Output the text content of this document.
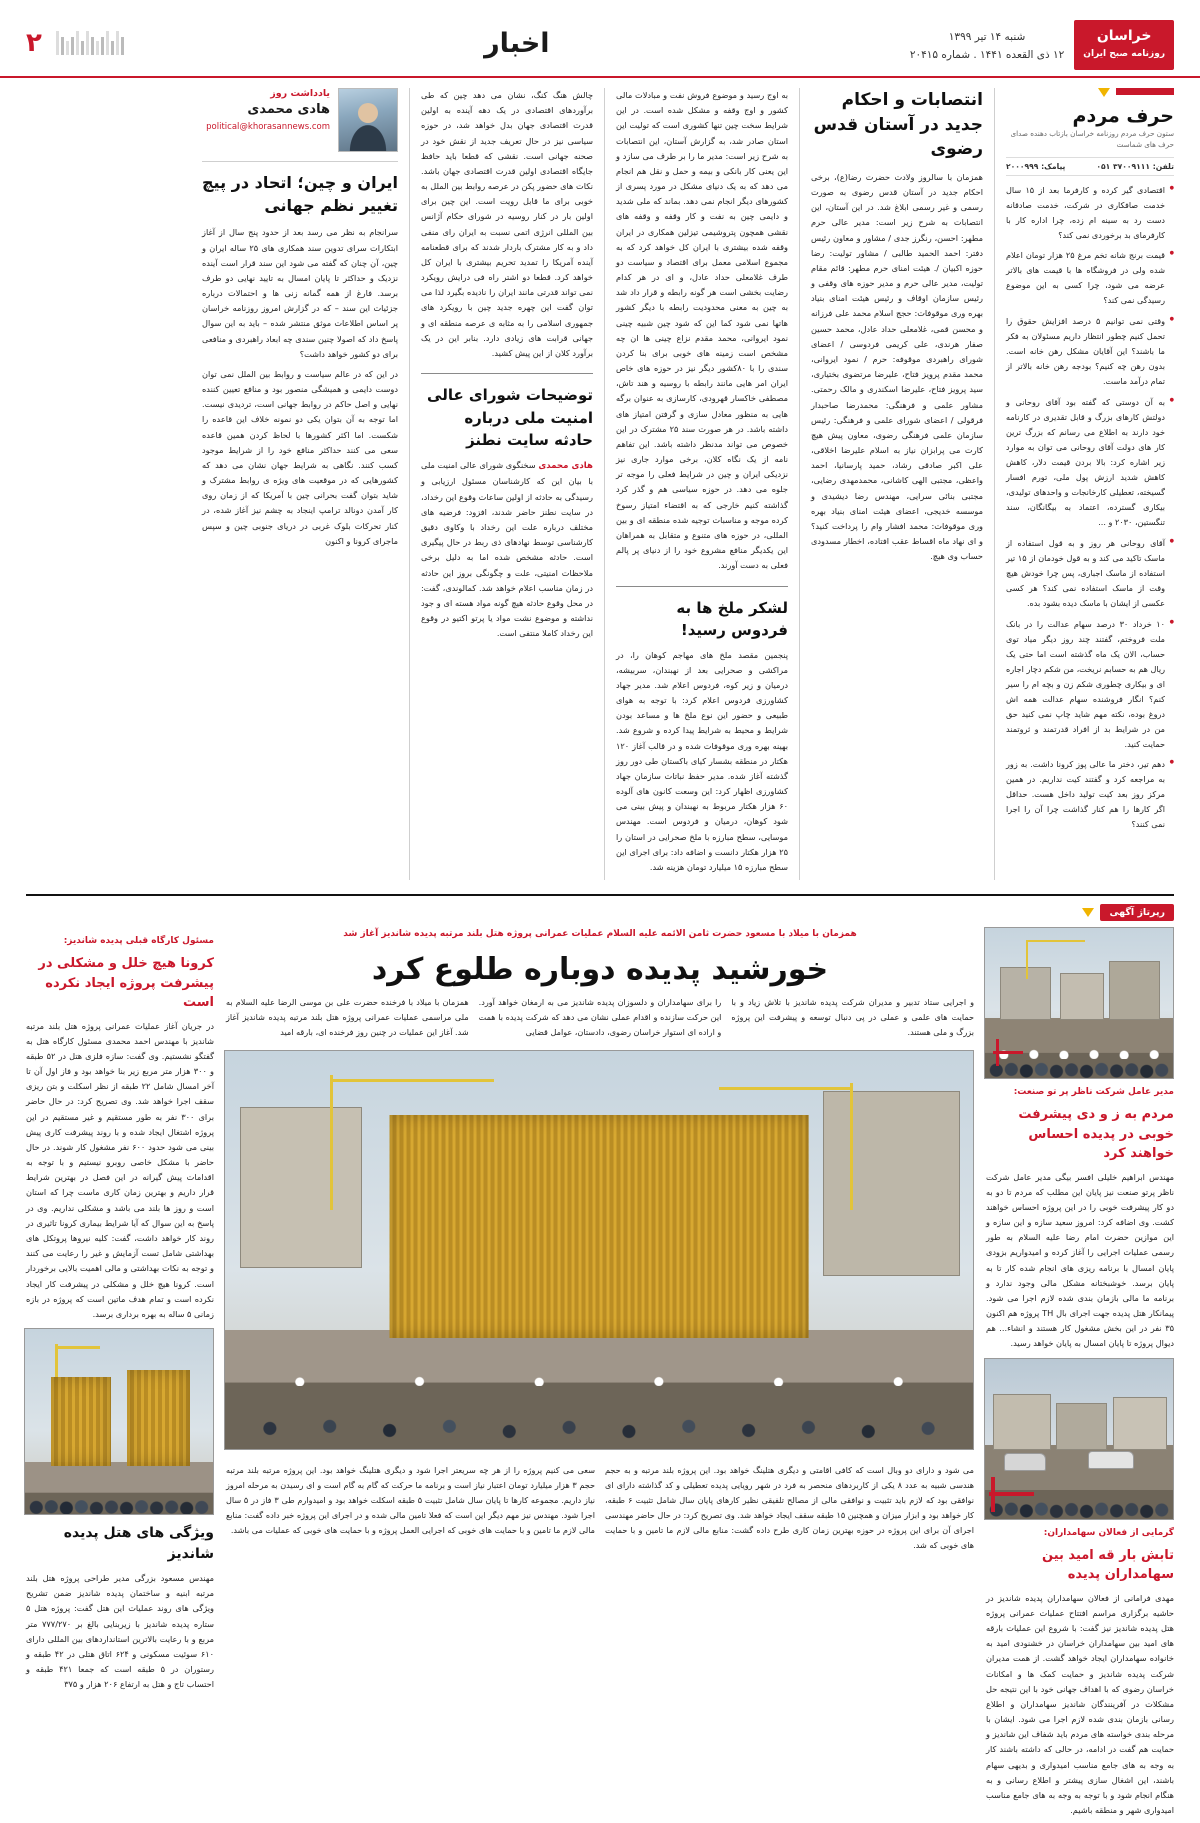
خراسان
روزنامه صبح ایران
شنبه ۱۴ تیر ۱۳۹۹
۱۲ ذی القعده ۱۴۴۱ . شماره ۲۰۴۱۵
اخبار
۲
حرف مردم
ستون حرف مردم روزنامه خراسان بازتاب دهنده صدای حرف های شماست
تلفن: ۳۷۰۰۹۱۱۱ ۰۵۱
پیامک: ۲۰۰۰۹۹۹
● اقتصادی گیر کرده و کارفرما بعد از ۱۵ سال خدمت صافکاری در شرکت، خدمت صادقانه دست رد به سینه ام زده، چرا اداره کار با کارفرمای بد برخوردی نمی کند؟
● قیمت برنج شانه تخم مرغ ۲۵ هزار تومان اعلام شده ولی در فروشگاه ها با قیمت های بالاتر عرضه می شود، چرا کسی به این موضوع رسیدگی نمی کند؟
● وقتی نمی توانیم ۵ درصد افزایش حقوق را تحمل کنیم چطور انتظار داریم مسئولان به فکر ما باشند؟ این آقایان مشکل رهن خانه است. بدون رهن چه کنیم؟ بودجه رهن خانه بالاتر از تمام درآمد ماست.
● به آن دوستی که گفته بود آقای روحانی و دولتش کارهای بزرگ و قابل تقدیری در کارنامه خود دارند به اطلاع می رسانم که بزرگ ترین کار های دولت آقای روحانی می توان به موارد زیر اشاره کرد: بالا بردن قیمت دلار، کاهش کاهش شدید ارزش پول ملی، تورم افسار گسیخته، تعطیلی کارخانجات و واحدهای تولیدی، بیکاری گسترده، اعتماد به بیگانگان، سند تنگستین، ۲۰۳۰ و ...
● آقای روحانی هر روز و به قول استفاده از ماسک تاکید می کند و به قول خودمان از ۱۵ تیر استفاده از ماسک اجباری، پس چرا خودش هیچ وقت از ماسک استفاده نمی کند؟ هر کسی عکسی از ایشان با ماسک دیده بشود بده.
● ۱۰ خرداد ۳۰ درصد سهام عدالت را در بانک ملت فروختم، گفتند چند روز دیگر میاد توی حساب، الان یک ماه گذشته است اما حتی یک ریال هم به حسابم نریخت، من شکم دچار اجاره ای و بیکاری چطوری شکم زن و بچه ام را سیر کنم؟ انگار فروشنده سهام عدالت همه اش دروغ بوده، نکته مهم شاید چاپ نمی کنید حق من در شرایط بد از افراد قدرتمند و ثروتمند حمایت کنید.
● دهم تیر، دختر ما عالی پوز کرونا داشت. به زور به مراجعه کرد و گفتند کیت نداریم. در همین مرکز روز بعد کیت تولید داخل هست. حداقل اگر کارها را هم کنار گذاشت چرا آن را اجرا نمی کنند؟
انتصابات و احکام جدید در آستان قدس رضوی

همزمان با سالروز ولادت حضرت رضا(ع)، برخی احکام جدید در آستان قدس رضوی به صورت رسمی و غیر رسمی ابلاغ شد. در این آستان، این انتصابات به شرح زیر است: مدیر عالی حرم مطهر: احسن، رنگرز جدی / مشاور و معاون رئیس دفتر: احمد الحمید طالبی / مشاور تولیت: رضا حوزه اکبیان /. هیئت امنای حرم مطهر: قائم مقام تولیت، مدیر عالی حرم و مدیر حوزه های وقفی و رئیس سازمان اوقاف و رئیس هیئت امنای بنیاد بهره وری موقوفات: حجج اسلام محمد علی فرزانه و محسن قمی، غلامعلی حداد عادل، محمد حسین صفار هرندی، علی کریمی فردوسی / اعضای شورای راهبردی موقوفه: حرم / نمود ایروانی، محمد مقدم پرویز فتاح، علیرضا مرتضوی بختیاری، سید پرویز فتاح، علیرضا اسکندری و مالک رحمتی. مشاور علمی و فرهنگی: محمدرضا صاحبدار فرقولی / اعضای شورای علمی و فرهنگی: رئیس سازمان علمی فرهنگی رضوی، معاون پیش هیچ کارت می پرابزان نیاز به اسلام علیرضا اخلاقی، علی اکبر صادقی رشاد، حمید پارسانیا، احمد واعظی، مجتبی الهی کاشانی، محمدمهدی رضایی، مجتبی بنائی سرایی، مهندس رضا دیشیدی و موسسه خدیجی، اعضای هیئت امنای بنیاد بهره وری موقوفات: محمد افشار وام را پرداخت کنید؟ و ای نهاد ماه اقساط عقب افتاده، اخطار مسدودی حساب وی هیچ.

به اوج رسید و موضوع فروش نفت و مبادلات مالی کشور و اوج وقفه و مشکل شده است. در این شرایط سخت چین تنها کشوری است که تولیت این استان صادر شد، به گزارش آستان، این انتصابات به شرح زیر است: مدیر ما را بر طرف می سازد و این یعنی کار بانکی و بیمه و حمل و نقل هم انجام می دهد که به یک دنیای مشکل در مورد پسری از کشورهای دیگر انجام نمی دهد. بماند که ملی شدید و دایمی چین به نفت و کار وقفه و وقفه های نقشی همچون پتروشیمی تیزلین همکاری در ایران وقفه شده بیشتری با ایران کل خواهد کرد که به مجموع اسلامی معمل برای اقتصاد و سیاست دو طرف غلامعلی حداد عادل، و ای در هر کدام رضایت بخشی است هر گونه رابطه و قرار داد شد به چین به معنی محدودیت رابطه با دیگر کشور هاتها نمی شود کما این که شود چین شبیه چینی نمود ایروانی، محمد مقدم نزاع چینی ها ان چه مشخص است زمینه های خوبی برای بنا کردن سندی را با ۸۰کشور دیگر نیز در حوزه های خاص ایران امر هایی مانند رابطه با روسیه و هند تاش، مصطفی خاکسار قهرودی، کارسازی به عنوان برگه هایی به منظور معادل سازی و گرفتن امتیاز های داشته باشد. در هر صورت سند ۲۵ مشترک در این خصوص می تواند مدنظر داشته باشد. این تفاهم نامه از یک نگاه کلان، برخی موارد جاری نیز نزدیکی ایران و چین در شرایط فعلی را موجه تر جلوه می دهد. در حوزه سیاسی هم و گذر کرد گذاشته کنیم خارجی که به اقتضاء امتیاز رسوخ کرده موجه و مناسبات توجیه شده منطقه ای و بین المللی، در حوزه های متنوع و متقابل به همراهان این یکدیگر منافع مشروع خود را از دنیای پر پالم فعلی به دست آورند.

لشکر ملخ ها به فردوس رسید!

پنجمین مقصد ملخ های مهاجم کوهان را، در مراکشی و صحرایی بعد از نهبندان، سربیشه، درمیان و زیر کوه، فردوس اعلام شد. مدیر جهاد کشاورزی فردوس اعلام کرد: با توجه به هوای طبیعی و حضور این نوع ملخ ها و مساعد بودن شرایط و محیط به شرایط پیدا کرده و شروع شد. بهینه بهره وری موقوفات شده و در قالب آغاز ۱۲۰ هکتار در منطقه بشسار کیای باکستان طی دور روز گذشته آغاز شده. مدیر حفظ نباتات سازمان جهاد کشاورزی اظهار کرد: این وسعت کانون های آلوده ۶۰ هزار هکتار مربوط به نهبندان و پیش بینی می شود کوهان، درمیان و فردوس است. مهندس موسایی، سطح مبارزه با ملخ صحرایی در استان را ۲۵ هزار هکتار دانست و اضافه داد: برای اجرای این سطح مبارزه ۱۵ میلیارد تومان هزینه شد.

چالش هنگ کنگ، نشان می دهد چین که طی برآوردهای اقتصادی در یک دهه آینده به اولین قدرت اقتصادی جهان بدل خواهد شد، در حوزه سیاسی نیز در حال تعریف جدید از نقش خود در صحنه جهانی است. نقشی که قطعا باید حافظ جایگاه اقتصادی اولین قدرت اقتصادی جهان باشد. نکات های حضور پکن در عرصه روابط بین الملل به خوبی برای ما قابل رویت است. این چین برای اولین بار در کنار روسیه در شورای حکام آژانس بین المللی انرژی اتمی نسبت به ایران رای منفی داد و به کار مشترک باردار شدند که برای قطعنامه آینده آمریکا را تمدید تحریم بیشتری با ایران کل خواهد کرد. قطعا دو اشتر راه فی درایش رویکرد نمی تواند قدرتی مانند ایران را نادیده بگیرد لذا می توان گفت این چهره جدید چین با رویکرد های جمهوری اسلامی را به مثابه ی عرصه منطقه ای و جهانی قرابت های زیادی دارد. بنابر این در یک برآورد کلان از این پیش کشید.

توضیحات شورای عالی امنیت ملی درباره حادثه سایت نطنز

هادی محمدی سخنگوی شورای عالی امنیت ملی با بیان این که کارشناسان مسئول ارزیابی و رسیدگی به حادثه از اولین ساعات وقوع این رخداد، در سایت نطنز حاضر شدند، افزود: فرضیه های مختلف درباره علت این رخداد با وکاوی دقیق کارشناسی توسط نهادهای ذی ربط در حال پیگیری است. حادثه مشخص شده اما به دلیل برخی ملاحظات امنیتی، علت و چگونگی بروز این حادثه در زمان مناسب اعلام خواهد شد. کمالوندی، گفت: در محل وقوع حادثه هیچ گونه مواد هسته ای و جود نداشته و موضوع نشت مواد یا پرتو اکتیو در وقوع این رخداد کاملا منتفی است.

یادداشت روز
هادی محمدی
political@khorasannews.com
ایران و چین؛ اتحاد در پیچ تغییر نظم جهانی

سرانجام به نظر می رسد بعد از حدود پنج سال از آغاز ابتکارات سرای تدوین سند همکاری های ۲۵ ساله ایران و چین، آن چنان که گفته می شود این سند قرار است آینده نزدیک و حداکثر تا پایان امسال به تایید نهایی دو طرف برسد. فارغ از همه گمانه زنی ها و احتمالات درباره جزئیات این سند – که در گزارش امروز روزنامه خراسان پر اساس اطلاعات موثق منتشر شده – باید به این سوال پاسخ داد که اصولا چنین سندی چه ابعاد راهبردی و منافعی برای دو کشور خواهد داشت؟

در این که در عالم سیاست و روابط بین الملل نمی توان دوست دایمی و همیشگی منصور بود و منافع تعیین کننده نهایی و اصل حاکم در روابط جهانی است، تردیدی نیست. اما توجه به آن بتوان یکی دو نمونه خلاف این قاعده را شکست. اما اکثر کشورها با لحاظ کردن همین قاعده سعی می کنند حداکثر منافع خود را از شرایط موجود کسب کنند. نگاهی به شرایط جهان نشان می دهد که کشورهایی که در موقعیت های ویژه ی روابط مشترک و شاید بتوان گفت بحرانی چین با آمریکا که از زمان روی کار آمدن دونالد ترامپ اینجاد به چشم نیز آغاز شده، در کنار تحرکات بلوک غربی در دریای جنوبی چین و سپس ماجرای کرونا و اکنون

رپرتاژ آگهی
مدیر عامل شرکت ناظر پر تو صنعت:
مردم به ز و دی پیشرفت خوبی در پدیده احساس خواهند کرد

مهندس ابراهیم خلیلی افسر بیگی مدیر عامل شرکت ناظر پرتو صنعت نیز پایان این مطلب که مردم تا دو به دو کار پیشرفت خوبی را در این پروژه احساس خواهند کشت. وی اضافه کرد: امروز سعید سازه و این سازه و این موازین حضرت امام رضا علیه السلام به طور رسمی عملیات اجرایی را آغاز کرده و امیدواریم بزودی پایان امسال با برنامه ریزی های انجام شده کار تا به پایان برسد. خوشبختانه مشکل مالی وجود ندارد و برنامه ما مالی بازمان بندی شده لازم اجرا می شود. پیمانکار هتل پدیده جهت اجرای بال TH پروژه هم اکنون ۳۵ نفر در این بخش مشغول کار هستند و انشاء... هم دیوال پروژه تا پایان امسال به پایان خواهد رسید.

گرمایی از فعالان سهامداران:
تابش بار قه امید بین سهامداران پدیده

مهدی فرامانی از فعالان سهامداران پدیده شاندیز در حاشیه برگزاری مراسم افتتاح عملیات عمرانی پروژه هتل پدیده شاندیز نیز گفت: با شروع این عملیات بارقه های امید بین سهامداران خراسان در خشنودی امید به خانواده سهامداران ایجاد خواهد گشت. از همت مدیران شرکت پدیده شاندیز و حمایت کمک ها و امکانات خراسان رضوی که با اهداف جهانی خود با این نتیجه حل مشکلات در آفرینندگان شاندیز سهامداران و اطلاع رسانی بازمان بندی شده لازم اجرا می شود. ایشان با مرحله بندی خواسته های مردم باید شفاف این شاندیز و حمایت هم گفت در ادامه، در حالی که داشته باشند کار به وجه به های جامع مناسب امیدواری و بدیهی سهام باشند، این اشغال سازی پیشتر و اطلاع رسانی و به هنگام انجام شود و با توجه به وجه به های جامع مناسب امیدواری شهر و منطقه باشیم.

همزمان با میلاد با مسعود حضرت ثامن الائمه علیه السلام عملیات عمرانی پروژه هتل بلند مرتبه پدیده شاندیز آغاز شد
خورشید پدیده دوباره طلوع کرد
و اجرایی ستاد تدبیر و مدیران شرکت پدیده شاندیز با تلاش زیاد و با حمایت های علمی و عملی در پی دنبال توسعه و پیشرفت این پروژه بزرگ و ملی هستند.
را برای سهامداران و دلسوزان پدیده شاندیز می به ارمغان خواهد آورد. این حرکت سازنده و اقدام عملی نشان می دهد که شرکت پدیده با همت و اراده ای استوار خراسان رضوی، دادستان، عوامل قضایی
همزمان با میلاد با فرخنده حضرت علی بن موسی الرضا علیه السلام به ملی مراسمی عملیات عمرانی پروژه هتل بلند مرتبه پدیده شاندیز آغاز شد. آغاز این عملیات در چنین روز فرخنده ای، بارقه امید
می شود و دارای دو وبال است که کافی اقامتی و دیگری هتلینگ خواهد بود. این پروژه بلند مرتبه و به حجم هندسی شبیه به عدد ۸ یکی از کاربردهای منحصر به فرد در شهر رویایی پدیده تعطیلی و کد گذاشته دارای ای نوافقی بود که لازم باید تثبیت و نوافقی مالی از مصالح تلفیقی نظیر کارهای پایان سال شامل تثبیت ۶ طبقه، کار خواهد بود و ابزار میزان و همچنین ۱۵ طبقه سقف ایجاد خواهد شد. وی تصریح کرد: در حال حاضر مهندسی اجرای آن برای این پروژه در حوزه بهترین زمان کاری طرح داده گشت: منابع مالی لازم ما تامین و با حمایت های خوبی که شد.
سعی می کنیم پروژه را از هر چه سریعتر اجرا شود و دیگری هتلینگ خواهد بود. این پروژه مرتبه بلند مرتبه حجم ۳ هزار میلیارد تومان اعتبار نیاز است و برنامه ما حرکت که گام به گام است و ای رسیدن به مرحله امروز نیاز داریم. مجموعه کارها تا پایان سال شامل تثبیت ۵ طبقه اسکلت خواهد بود و امیدوارم طی ۳ فاز در ۵ سال اجرا شود. مهندس نیز مهم دیگر این است که فعلا تامین مالی شده و در اجرای این پروژه خبر داده گفت: منابع مالی لازم ما تامین و با حمایت های خوبی که اجرایی العمل پروژه و با حمایت های خوبی که عملیات می باشد.
مسئول کارگاه قبلی پدیده شاندیز:
کرونا هیچ خلل و مشکلی در پیشرفت پروژه ایجاد نکرده است

در جریان آغاز عملیات عمرانی پروژه هتل بلند مرتبه شاندیز با مهندس احمد محمدی مسئول کارگاه هتل به گفتگو نشستیم. وی گفت: سازه فلزی هتل در ۵۲ طبقه و ۳۰۰ هزار متر مربع زیر بنا خواهد بود و فاز اول آن تا آخر امسال شامل ۲۲ طبقه از نظر اسکلت و بتن ریزی سقف اجرا خواهد شد. وی تصریح کرد: در حال حاضر برای ۳۰۰ نفر به طور مستقیم و غیر مستقیم در این پروژه اشتغال ایجاد شده و با روند پیشرفت کاری پیش بینی می شود حدود ۶۰۰ نفر مشغول کار شوند. در حال حاضر با مشکل خاصی روبرو نیستیم و با توجه به اقدامات پیش گیرانه در این فصل در بهترین شرایط قرار داریم و بهترین زمان کاری ماست چرا که استان است و روز ها بلند می باشد و مشکلی نداریم. وی در پاسخ به این سوال که آیا شرایط بیماری کرونا تاثیری در روند کار خواهد داشت، گفت: کلیه نیروها پروتکل های بهداشتی شامل تست آزمایش و غیر را رعایت می کنند و توجه به نکات بهداشتی و مالی اهمیت بالایی برخوردار است. کرونا هیچ خلل و مشکلی در پیشرفت کار ایجاد نکرده است و تمام هدف ماتین است که پروژه در بازه زمانی ۵ ساله به بهره برداری برسد.

ویژگی های هتل پدیده شاندیز

مهندس مسعود بزرگی مدیر طراحی پروژه هتل بلند مرتبه ابنیه و ساختمان پدیده شاندیز ضمن تشریح ویژگی های روند عملیات این هتل گفت: پروژه هتل ۵ ستاره پدیده شاندیز با زیربنایی بالغ بر ۷۷۷/۲۷۰ متر مربع و با رعایت بالاترین استانداردهای بین المللی دارای ۶۱۰ سوئیت مسکونی و ۶۲۴ اتاق هتلی در ۴۲ طبقه و رستوران در ۵ طبقه است که جمعا ۴۲۱ طبقه و احتساب تاج و هتل به ارتفاع ۲۰۶ هزار و ۳۷۵
